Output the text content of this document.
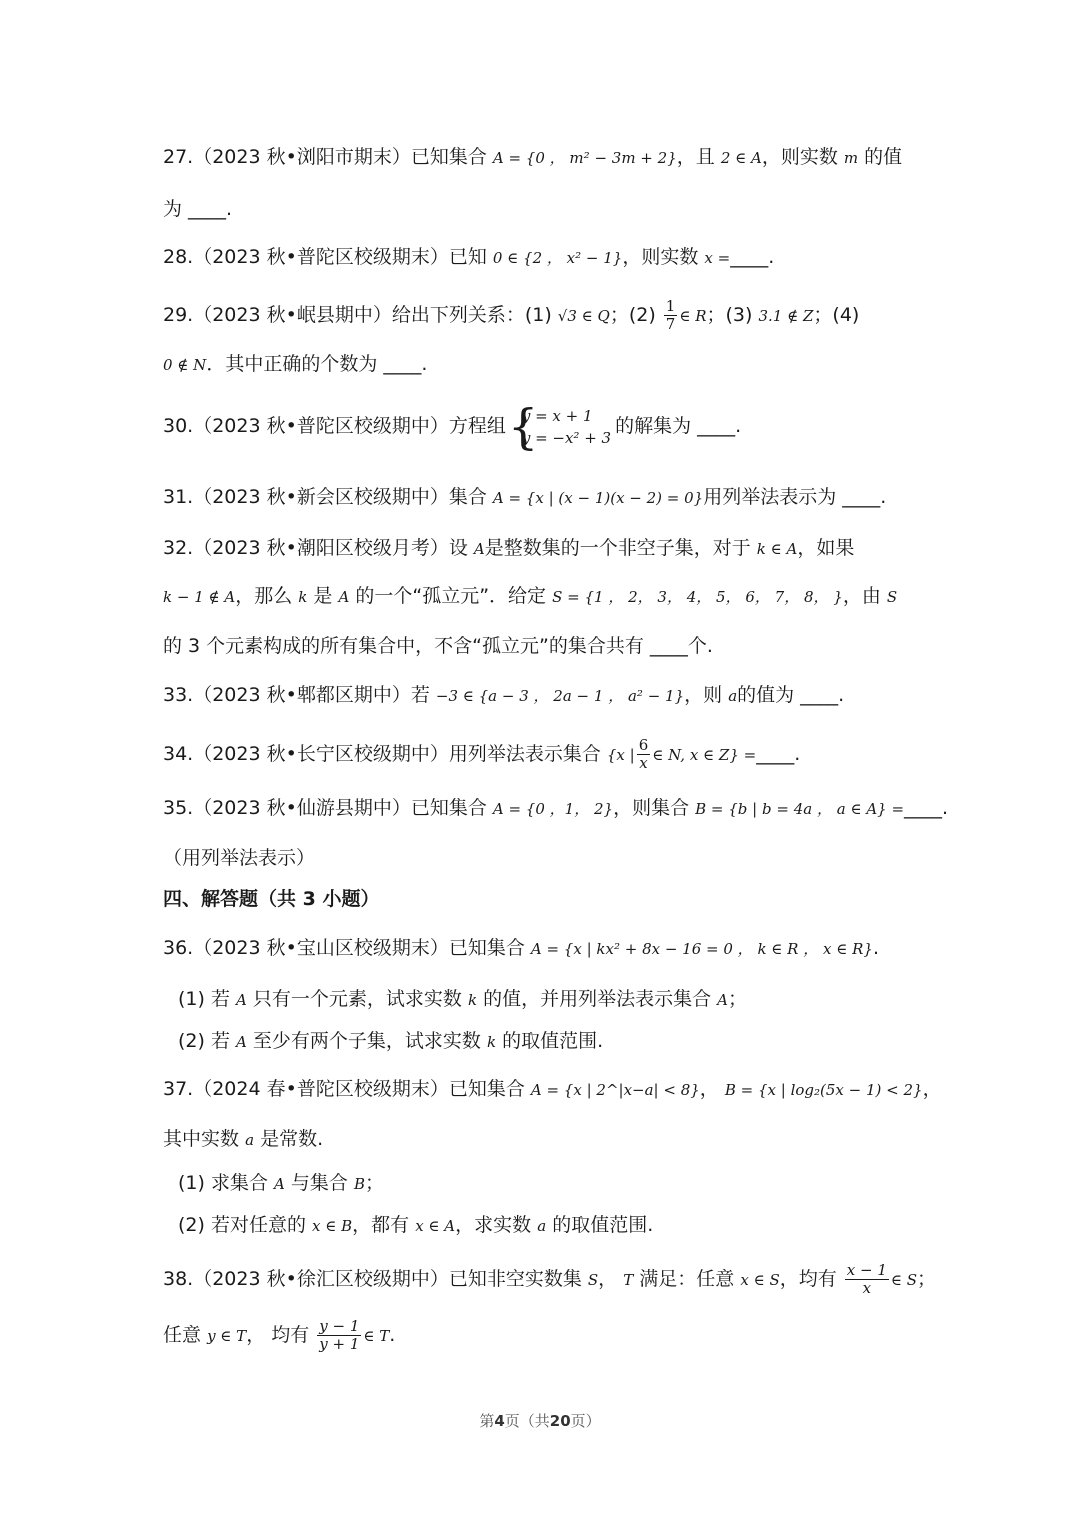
27.（2023 秋•浏阳市期末）已知集合 A = {0 ， m² − 3m + 2}，且 2 ∈ A，则实数 m 的值
为 ____.
28.（2023 秋•普陀区校级期末）已知 0 ∈ {2 ， x² − 1}，则实数 x =____.
29.（2023 秋•岷县期中）给出下列关系：(1) √3 ∈ Q；$(2) \frac{1}{7}$ ∈ R；(3) 3.1 ∉ Z；(4)
0 ∉ N．其中正确的个数为 ____.
30.（2023 秋•普陀区校级期中）方程组 {
y = x + 1
y = −x² + 3
的解集为 ____.
31.（2023 秋•新会区校级期中）集合 A = {x | (x − 1)(x − 2) = 0}用列举法表示为 ____.
32.（2023 秋•潮阳区校级月考）设 A是整数集的一个非空子集，对于 k ∈ A，如果
k − 1 ∉ A，那么 k 是 A 的一个“孤立元”．给定 S = {1 ， 2， 3， 4， 5， 6， 7， 8， }，由 S
的 3 个元素构成的所有集合中，不含“孤立元”的集合共有 ____个.
33.（2023 秋•郫都区期中）若 −3 ∈ {a − 3 ， 2a − 1 ， a² − 1}，则 a的值为 ____.
34.（2023 秋•长宁区校级期中）用列举法表示集合 {x | $\frac{6}{x}$ ∈ N, x ∈ Z} =____.
35.（2023 秋•仙游县期中）已知集合 A = {0 ，1， 2}，则集合 B = {b | b = 4a ， a ∈ A} =____.
（用列举法表示）
四、解答题（共 3 小题）
36.（2023 秋•宝山区校级期末）已知集合 A = {x | kx² + 8x − 16 = 0 ， k ∈ R ， x ∈ R}.
(1) 若 A 只有一个元素，试求实数 k 的值，并用列举法表示集合 A；
(2) 若 A 至少有两个子集，试求实数 k 的取值范围.
37.（2024 春•普陀区校级期末）已知集合 A = {x | 2^|x−a| < 8}， B = {x | log₂(5x − 1) < 2}，
其中实数 a 是常数.
(1) 求集合 A 与集合 B；
(2) 若对任意的 x ∈ B，都有 x ∈ A，求实数 a 的取值范围.
38.（2023 秋•徐汇区校级期中）已知非空实数集 S， T 满足：任意 x ∈ S，均有 $\frac{x - 1}{x}$ ∈ S；
任意 y ∈ T， 均有 $\frac{y - 1}{y + 1}$ ∈ T.
第4页（共20页）
